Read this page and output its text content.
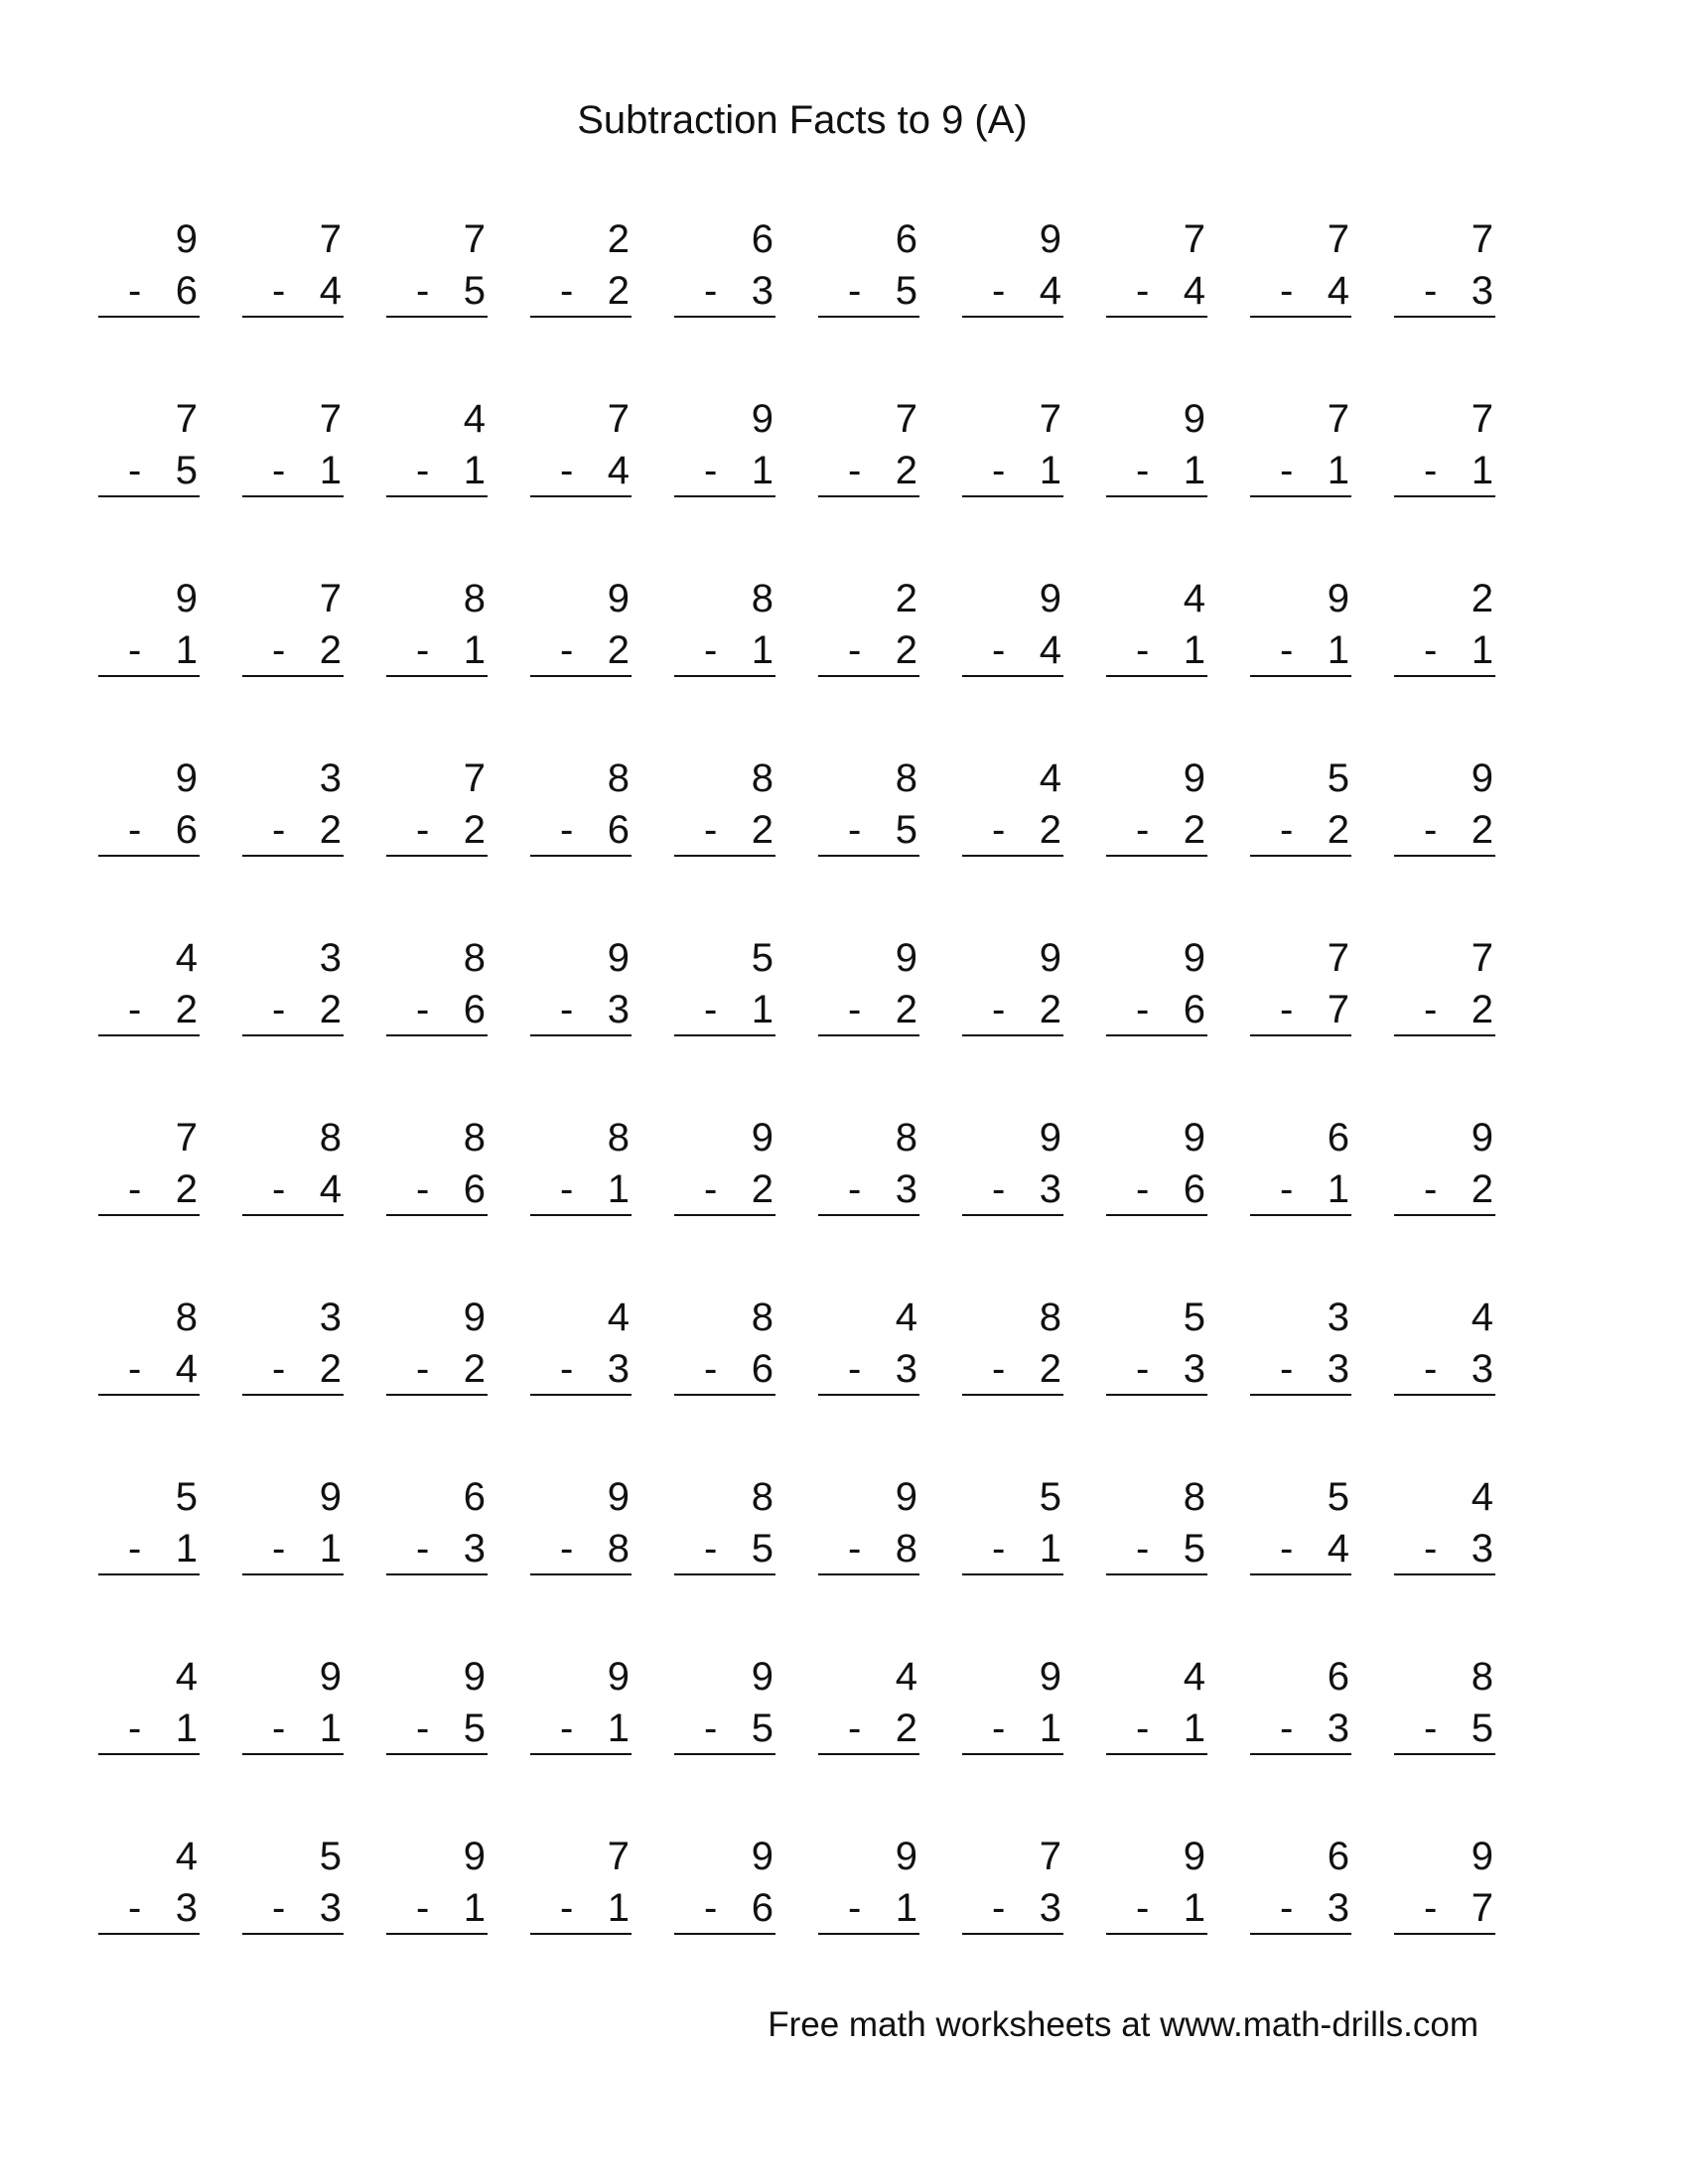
Subtraction Facts to 9 (A)
9
- 6
7
- 4
7
- 5
2
- 2
6
- 3
6
- 5
9
- 4
7
- 4
7
- 4
7
- 3
7
- 5
7
- 1
4
- 1
7
- 4
9
- 1
7
- 2
7
- 1
9
- 1
7
- 1
7
- 1
9
- 1
7
- 2
8
- 1
9
- 2
8
- 1
2
- 2
9
- 4
4
- 1
9
- 1
2
- 1
9
- 6
3
- 2
7
- 2
8
- 6
8
- 2
8
- 5
4
- 2
9
- 2
5
- 2
9
- 2
4
- 2
3
- 2
8
- 6
9
- 3
5
- 1
9
- 2
9
- 2
9
- 6
7
- 7
7
- 2
7
- 2
8
- 4
8
- 6
8
- 1
9
- 2
8
- 3
9
- 3
9
- 6
6
- 1
9
- 2
8
- 4
3
- 2
9
- 2
4
- 3
8
- 6
4
- 3
8
- 2
5
- 3
3
- 3
4
- 3
5
- 1
9
- 1
6
- 3
9
- 8
8
- 5
9
- 8
5
- 1
8
- 5
5
- 4
4
- 3
4
- 1
9
- 1
9
- 5
9
- 1
9
- 5
4
- 2
9
- 1
4
- 1
6
- 3
8
- 5
4
- 3
5
- 3
9
- 1
7
- 1
9
- 6
9
- 1
7
- 3
9
- 1
6
- 3
9
- 7
Free math worksheets at www.math-drills.com
